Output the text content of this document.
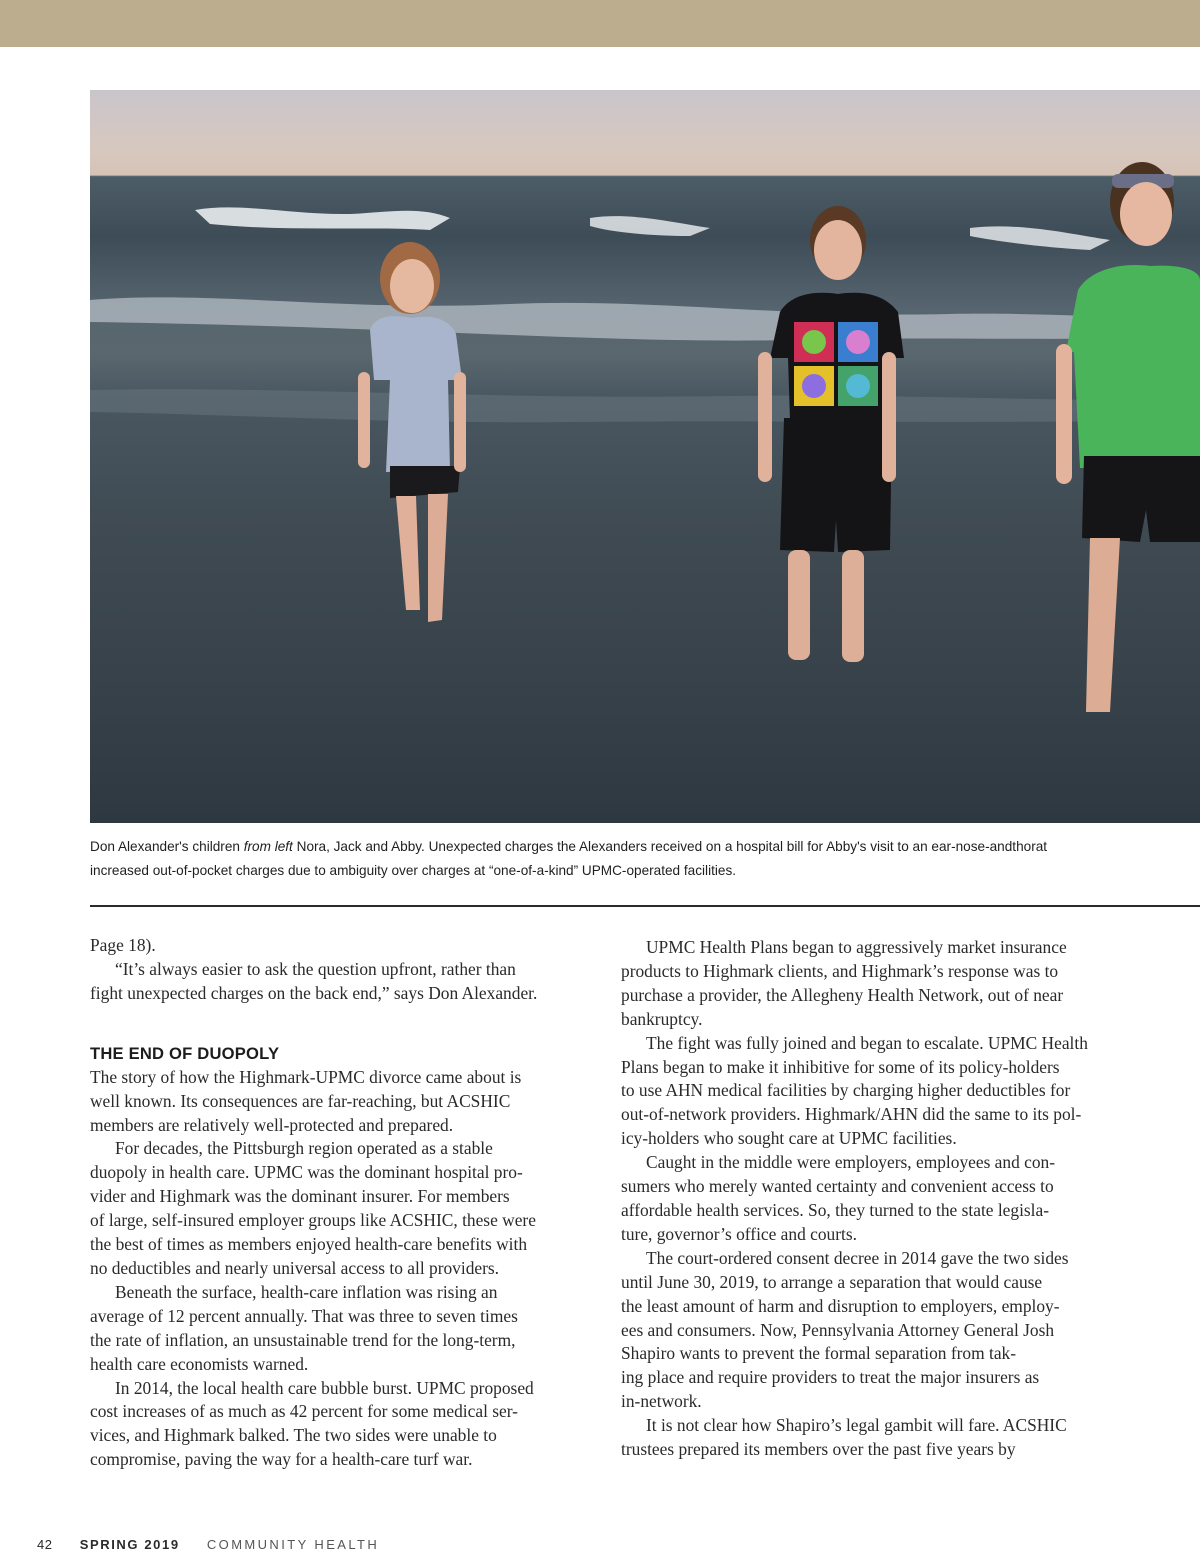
Don Alexander's children from left Nora, Jack and Abby. Unexpected charges the Alexanders received on a hospital bill for Abby's visit to an ear-nose-andthorat
increased out-of-pocket charges due to ambiguity over charges at “one-of-a-kind” UPMC-operated facilities.

Page 18).

“It’s always easier to ask the question upfront, rather than

fight unexpected charges on the back end,” says Don Alexander.

THE END OF DUOPOLY

The story of how the Highmark-UPMC divorce came about is

well known. Its consequences are far-reaching, but ACSHIC

members are relatively well-protected and prepared.

For decades, the Pittsburgh region operated as a stable

duopoly in health care. UPMC was the dominant hospital pro-

vider and Highmark was the dominant insurer. For members

of large, self-insured employer groups like ACSHIC, these were

the best of times as members enjoyed health-care benefits with

no deductibles and nearly universal access to all providers.

Beneath the surface, health-care inflation was rising an

average of 12 percent annually. That was three to seven times

the rate of inflation, an unsustainable trend for the long-term,

health care economists warned.

In 2014, the local health care bubble burst. UPMC proposed

cost increases of as much as 42 percent for some medical ser-

vices, and Highmark balked. The two sides were unable to

compromise, paving the way for a health-care turf war.

UPMC Health Plans began to aggressively market insurance

products to Highmark clients, and Highmark’s response was to

purchase a provider, the Allegheny Health Network, out of near

bankruptcy.

The fight was fully joined and began to escalate. UPMC Health

Plans began to make it inhibitive for some of its policy-holders

to use AHN medical facilities by charging higher deductibles for

out-of-network providers. Highmark/AHN did the same to its pol-

icy-holders who sought care at UPMC facilities.

Caught in the middle were employers, employees and con-

sumers who merely wanted certainty and convenient access to

affordable health services. So, they turned to the state legisla-

ture, governor’s office and courts.

The court-ordered consent decree in 2014 gave the two sides

until June 30, 2019, to arrange a separation that would cause

the least amount of harm and disruption to employers, employ-

ees and consumers. Now, Pennsylvania Attorney General Josh

Shapiro wants to prevent the formal separation from tak-

ing place and require providers to treat the major insurers as

in-network.

It is not clear how Shapiro’s legal gambit will fare. ACSHIC

trustees prepared its members over the past five years by

42 SPRING 2019 COMMUNITY HEALTH
